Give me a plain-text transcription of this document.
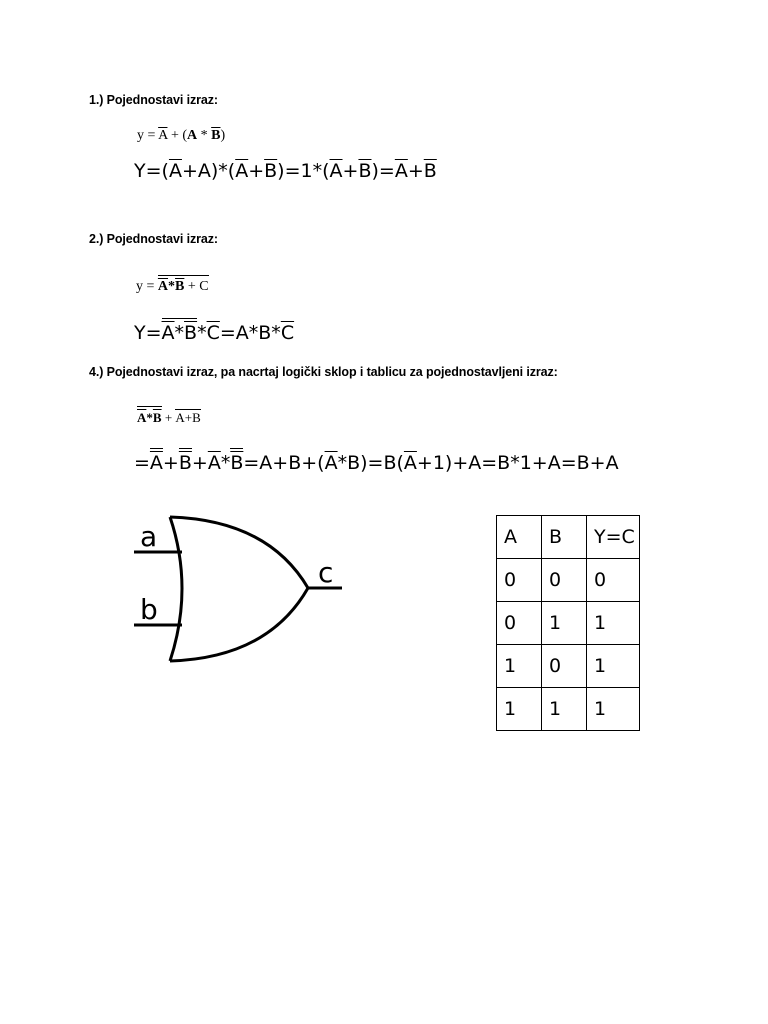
1.) Pojednostavi izraz:
$y = \overline{A} + (A * \overline{B})$
$Y=(\overline{A}+A)*(\overline{A}+\overline{B})=1*(\overline{A}+\overline{B})=\overline{A}+\overline{B}$
2.) Pojednostavi izraz:
$y = \overline{A}*\overline{B} + C$
$Y=\overline{A}*\overline{B}*\overline{C}=A*B*\overline{C}$
4.) Pojednostavi izraz, pa nacrtaj logički sklop i tablicu za pojednostavljeni izraz:
$\overline{A}*\overline{B} + A+\overline{B}$
$=\overline{A}+\overline{B}+\overline{A}*\overline{B}=A+B+(\overline{A}*B)=B(\overline{A}+1)+A=B*1+A=B+A$
a
b
c
A	B	Y=C
0	0	0
0	1	1
1	0	1
1	1	1
